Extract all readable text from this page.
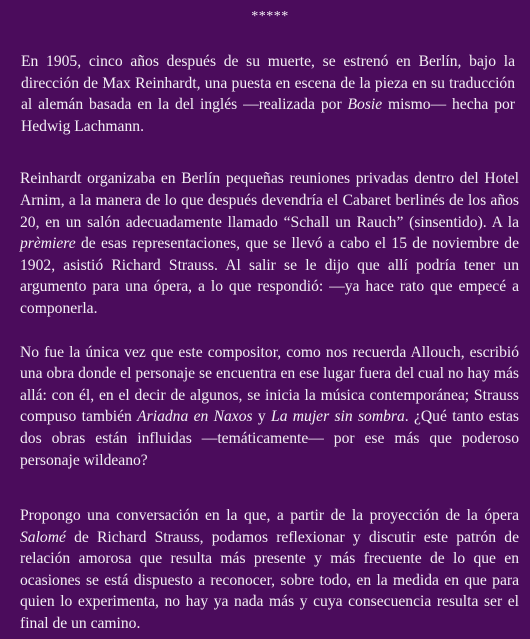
*****

En 1905, cinco años después de su muerte, se estrenó en Berlín, bajo la dirección de Max Reinhardt, una puesta en escena de la pieza en su traducción al alemán basada en la del inglés —realizada por Bosie mismo— hecha por Hedwig Lachmann.

Reinhardt organizaba en Berlín pequeñas reuniones privadas dentro del Hotel Arnim, a la manera de lo que después devendría el Cabaret berlinés de los años 20, en un salón adecuadamente llamado “Schall un Rauch” (sinsentido). A la prèmiere de esas representaciones, que se llevó a cabo el 15 de noviembre de 1902, asistió Richard Strauss. Al salir se le dijo que allí podría tener un argumento para una ópera, a lo que respondió: —ya hace rato que empecé a componerla.

No fue la única vez que este compositor, como nos recuerda Allouch, escribió una obra donde el personaje se encuentra en ese lugar fuera del cual no hay más allá: con él, en el decir de algunos, se inicia la música contemporánea; Strauss compuso también Ariadna en Naxos y La mujer sin sombra. ¿Qué tanto estas dos obras están influidas —temáticamente— por ese más que poderoso personaje wildeano?

Propongo una conversación en la que, a partir de la proyección de la ópera Salomé de Richard Strauss, podamos reflexionar y discutir este patrón de relación amorosa que resulta más presente y más frecuente de lo que en ocasiones se está dispuesto a reconocer, sobre todo, en la medida en que para quien lo experimenta, no hay ya nada más y cuya consecuencia resulta ser el final de un camino.
